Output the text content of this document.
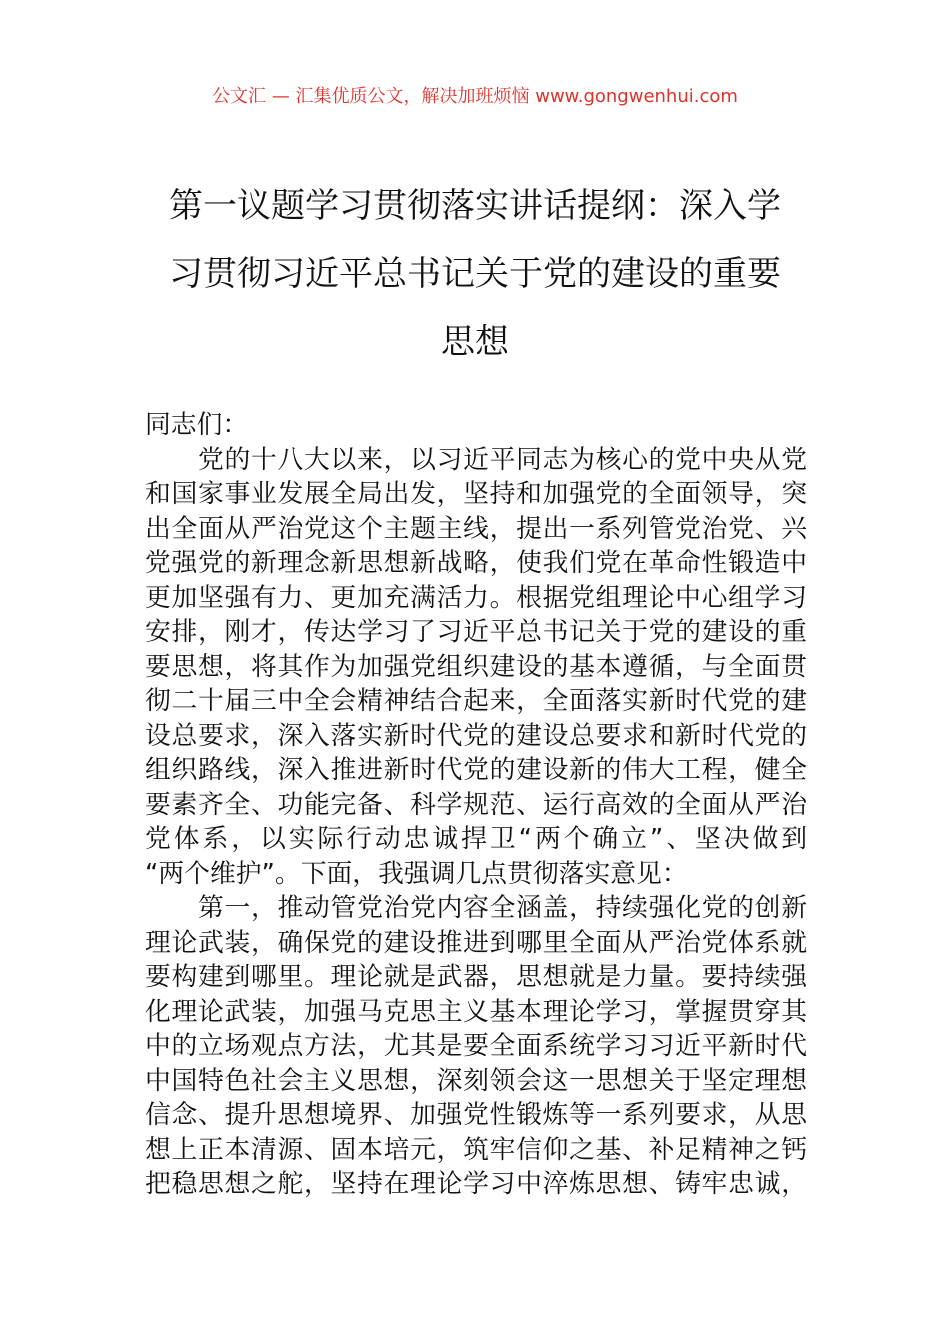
公文汇 — 汇集优质公文，解决加班烦恼 www.gongwenhui.com
第一议题学习贯彻落实讲话提纲：深入学
习贯彻习近平总书记关于党的建设的重要
思想
同志们：
　　党的十八大以来，以习近平同志为核心的党中央从党
和国家事业发展全局出发，坚持和加强党的全面领导，突
出全面从严治党这个主题主线，提出一系列管党治党、兴
党强党的新理念新思想新战略，使我们党在革命性锻造中
更加坚强有力、更加充满活力。根据党组理论中心组学习
安排，刚才，传达学习了习近平总书记关于党的建设的重
要思想，将其作为加强党组织建设的基本遵循，与全面贯
彻二十届三中全会精神结合起来，全面落实新时代党的建
设总要求，深入落实新时代党的建设总要求和新时代党的
组织路线，深入推进新时代党的建设新的伟大工程，健全
要素齐全、功能完备、科学规范、运行高效的全面从严治
党体系，以实际行动忠诚捍卫“两个确立”、坚决做到
“两个维护”。下面，我强调几点贯彻落实意见：
　　第一，推动管党治党内容全涵盖，持续强化党的创新
理论武装，确保党的建设推进到哪里全面从严治党体系就
要构建到哪里。理论就是武器，思想就是力量。要持续强
化理论武装，加强马克思主义基本理论学习，掌握贯穿其
中的立场观点方法，尤其是要全面系统学习习近平新时代
中国特色社会主义思想，深刻领会这一思想关于坚定理想
信念、提升思想境界、加强党性锻炼等一系列要求，从思
想上正本清源、固本培元，筑牢信仰之基、补足精神之钙
把稳思想之舵，坚持在理论学习中淬炼思想、铸牢忠诚，
